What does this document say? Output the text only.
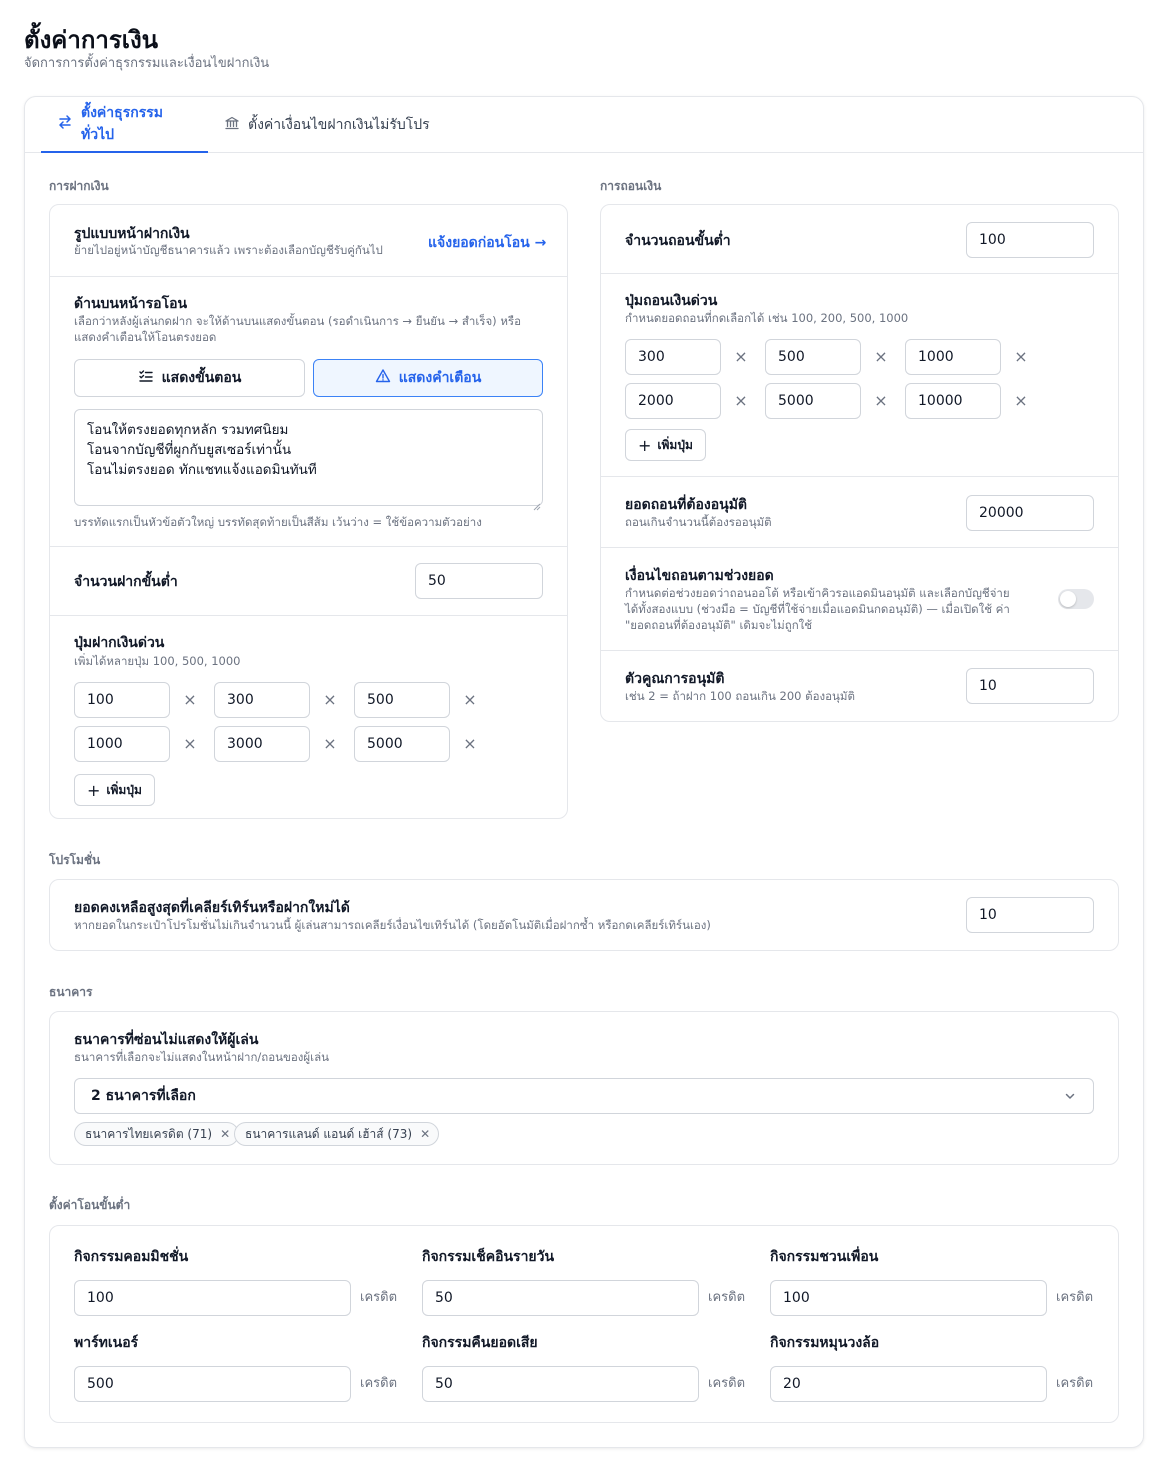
ตั้งค่าการเงิน
จัดการการตั้งค่าธุรกรรมและเงื่อนไขฝากเงิน
ตั้งค่าธุรกรรมทั่วไป
ตั้งค่าเงื่อนไขฝากเงินไม่รับโปร
การฝากเงิน
รูปแบบหน้าฝากเงิน
ย้ายไปอยู่หน้าบัญชีธนาคารแล้ว เพราะต้องเลือกบัญชีรับคู่กันไป	แจ้งยอดก่อนโอน →
ด้านบนหน้ารอโอน
เลือกว่าหลังผู้เล่นกดฝาก จะให้ด้านบนแสดงขั้นตอน (รอดำเนินการ → ยืนยัน → สำเร็จ) หรือแสดงคำเตือนให้โอนตรงยอด
แสดงขั้นตอน	แสดงคำเตือน
โอนให้ตรงยอดทุกหลัก รวมทศนิยม
โอนจากบัญชีที่ผูกกับยูสเซอร์เท่านั้น
โอนไม่ตรงยอด ทักแชทแจ้งแอดมินทันที
บรรทัดแรกเป็นหัวข้อตัวใหญ่ บรรทัดสุดท้ายเป็นสีส้ม เว้นว่าง = ใช้ข้อความตัวอย่าง
จำนวนฝากขั้นต่ำ	50
ปุ่มฝากเงินด่วน
เพิ่มได้หลายปุ่ม 100, 500, 1000
100	×	300	×	500	×
1000	×	3000	×	5000	×
+ เพิ่มปุ่ม
การถอนเงิน
จำนวนถอนขั้นต่ำ	100
ปุ่มถอนเงินด่วน
กำหนดยอดถอนที่กดเลือกได้ เช่น 100, 200, 500, 1000
300	×	500	×	1000	×
2000	×	5000	×	10000	×
+ เพิ่มปุ่ม
ยอดถอนที่ต้องอนุมัติ
ถอนเกินจำนวนนี้ต้องรออนุมัติ
20000
เงื่อนไขถอนตามช่วงยอด
กำหนดต่อช่วงยอดว่าถอนออโต้ หรือเข้าคิวรอแอดมินอนุมัติ และเลือกบัญชีจ่ายได้ทั้งสองแบบ (ช่วงมือ = บัญชีที่ใช้จ่ายเมื่อแอดมินกดอนุมัติ) — เมื่อเปิดใช้ ค่า "ยอดถอนที่ต้องอนุมัติ" เดิมจะไม่ถูกใช้
ตัวคูณการอนุมัติ
เช่น 2 = ถ้าฝาก 100 ถอนเกิน 200 ต้องอนุมัติ
10
โปรโมชั่น
ยอดคงเหลือสูงสุดที่เคลียร์เทิร์นหรือฝากใหม่ได้
หากยอดในกระเป๋าโปรโมชั่นไม่เกินจำนวนนี้ ผู้เล่นสามารถเคลียร์เงื่อนไขเทิร์นได้ (โดยอัตโนมัติเมื่อฝากซ้ำ หรือกดเคลียร์เทิร์นเอง)
10
ธนาคาร
ธนาคารที่ซ่อนไม่แสดงให้ผู้เล่น
ธนาคารที่เลือกจะไม่แสดงในหน้าฝาก/ถอนของผู้เล่น
2 ธนาคารที่เลือก
ธนาคารไทยเครดิต (71) ✕ ธนาคารแลนด์ แอนด์ เฮ้าส์ (73) ✕
ตั้งค่าโอนขั้นต่ำ
กิจกรรมคอมมิชชั่น
100	เครดิต
กิจกรรมเช็คอินรายวัน
50	เครดิต
กิจกรรมชวนเพื่อน
100	เครดิต
พาร์ทเนอร์
500	เครดิต
กิจกรรมคืนยอดเสีย
50	เครดิต
กิจกรรมหมุนวงล้อ
20	เครดิต
